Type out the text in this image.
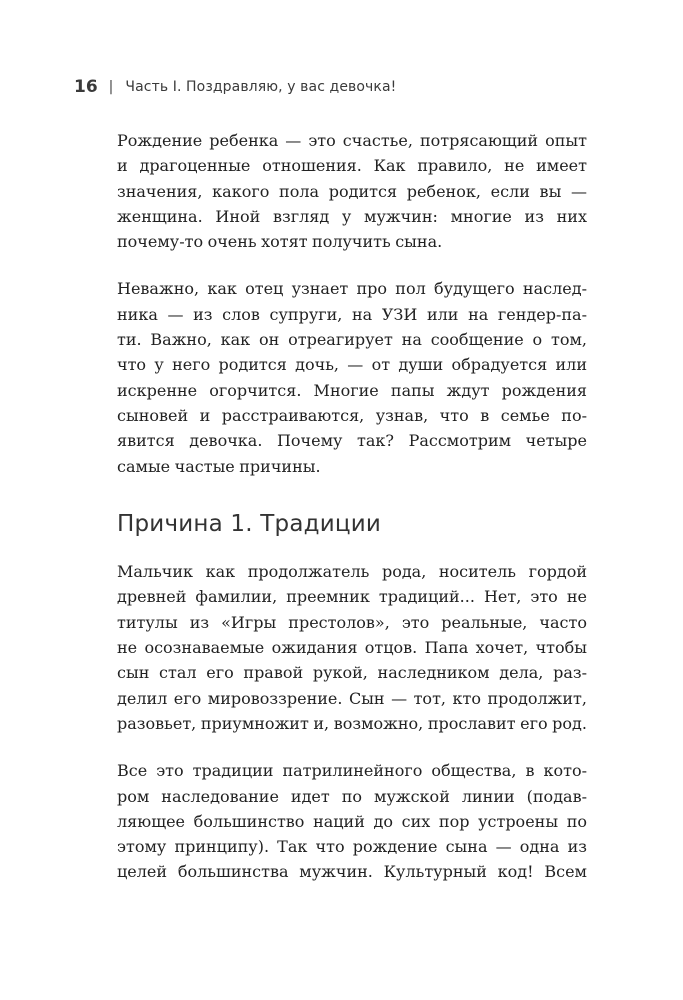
16 | Часть I. Поздравляю, у вас девочка!

Рождение ребенка — это счастье, потрясающий опыт
и драгоценные отношения. Как правило, не имеет
значения, какого пола родится ребенок, если вы —
женщина. Иной взгляд у мужчин: многие из них
почему-то очень хотят получить сына.

Неважно, как отец узнает про пол будущего наслед-
ника — из слов супруги, на УЗИ или на гендер-па-
ти. Важно, как он отреагирует на сообщение о том,
что у него родится дочь, — от души обрадуется или
искренне огорчится. Многие папы ждут рождения
сыновей и расстраиваются, узнав, что в семье по-
явится девочка. Почему так? Рассмотрим четыре
самые частые причины.

Причина 1. Традиции

Мальчик как продолжатель рода, носитель гордой
древней фамилии, преемник традиций... Нет, это не
титулы из «Игры престолов», это реальные, часто
не осознаваемые ожидания отцов. Папа хочет, чтобы
сын стал его правой рукой, наследником дела, раз-
делил его мировоззрение. Сын — тот, кто продолжит,
разовьет, приумножит и, возможно, прославит его род.

Все это традиции патрилинейного общества, в кото-
ром наследование идет по мужской линии (подав-
ляющее большинство наций до сих пор устроены по
этому принципу). Так что рождение сына — одна из
целей большинства мужчин. Культурный код! Всем
